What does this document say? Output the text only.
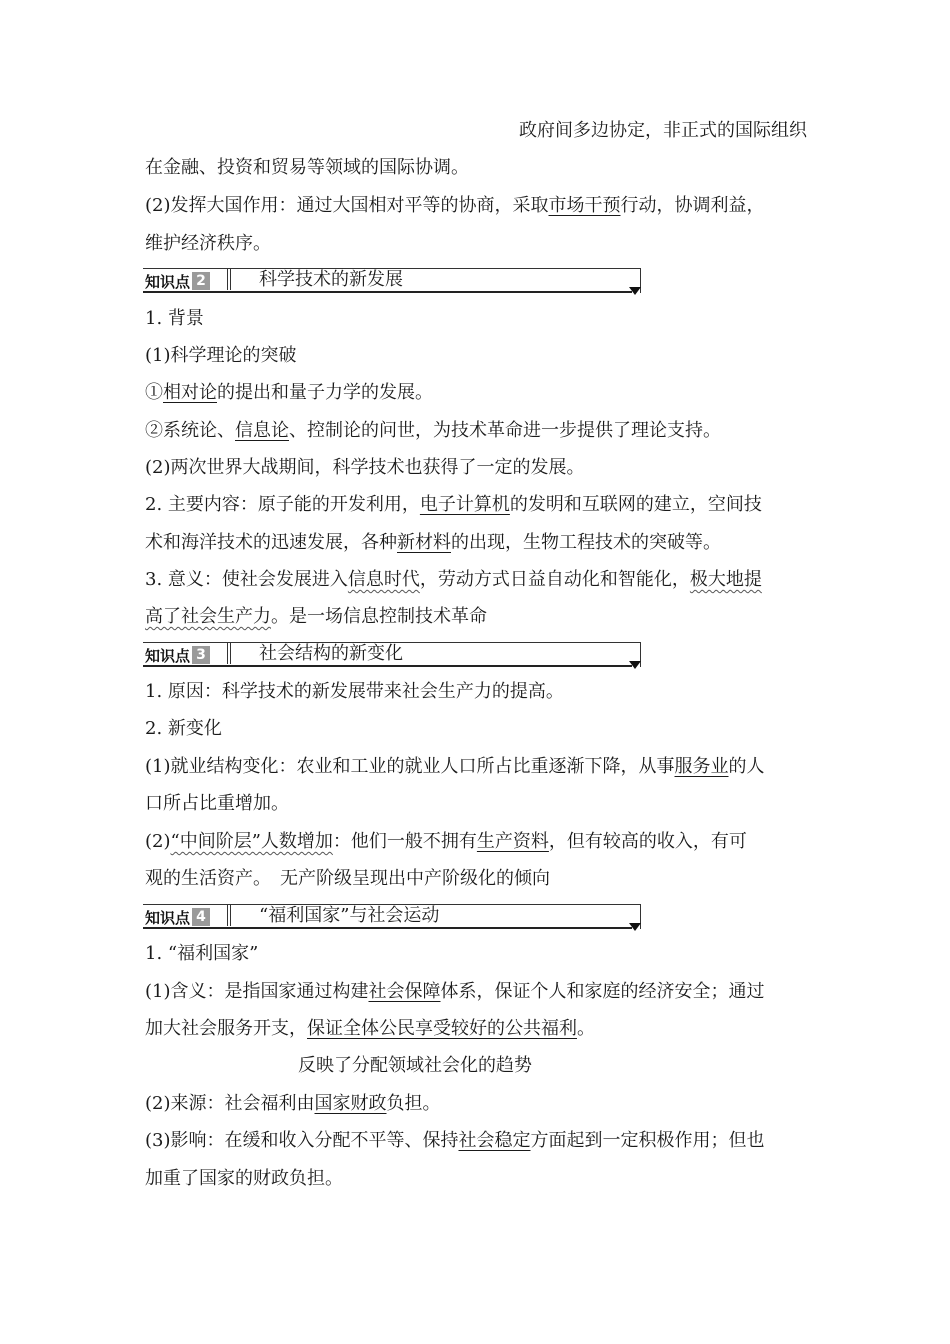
政府间多边协定，非正式的国际组织
在金融、投资和贸易等领域的国际协调。
(2)发挥大国作用：通过大国相对平等的协商，采取市场干预行动，协调利益，
维护经济秩序。
知识点 2	科学技术的新发展
1. 背景
(1)科学理论的突破
①相对论的提出和量子力学的发展。
②系统论、信息论、控制论的问世，为技术革命进一步提供了理论支持。
(2)两次世界大战期间，科学技术也获得了一定的发展。
2. 主要内容：原子能的开发利用，电子计算机的发明和互联网的建立，空间技
术和海洋技术的迅速发展，各种新材料的出现，生物工程技术的突破等。
3. 意义：使社会发展进入信息时代，劳动方式日益自动化和智能化，极大地提
高了社会生产力。是一场信息控制技术革命
知识点 3	社会结构的新变化
1. 原因：科学技术的新发展带来社会生产力的提高。
2. 新变化
(1)就业结构变化：农业和工业的就业人口所占比重逐渐下降，从事服务业的人
口所占比重增加。
(2)“中间阶层”人数增加：他们一般不拥有生产资料，但有较高的收入，有可
观的生活资产。　无产阶级呈现出中产阶级化的倾向
知识点 4	“福利国家”与社会运动
1. “福利国家”
(1)含义：是指国家通过构建社会保障体系，保证个人和家庭的经济安全；通过
加大社会服务开支，保证全体公民享受较好的公共福利。
反映了分配领域社会化的趋势
(2)来源：社会福利由国家财政负担。
(3)影响：在缓和收入分配不平等、保持社会稳定方面起到一定积极作用；但也
加重了国家的财政负担。
